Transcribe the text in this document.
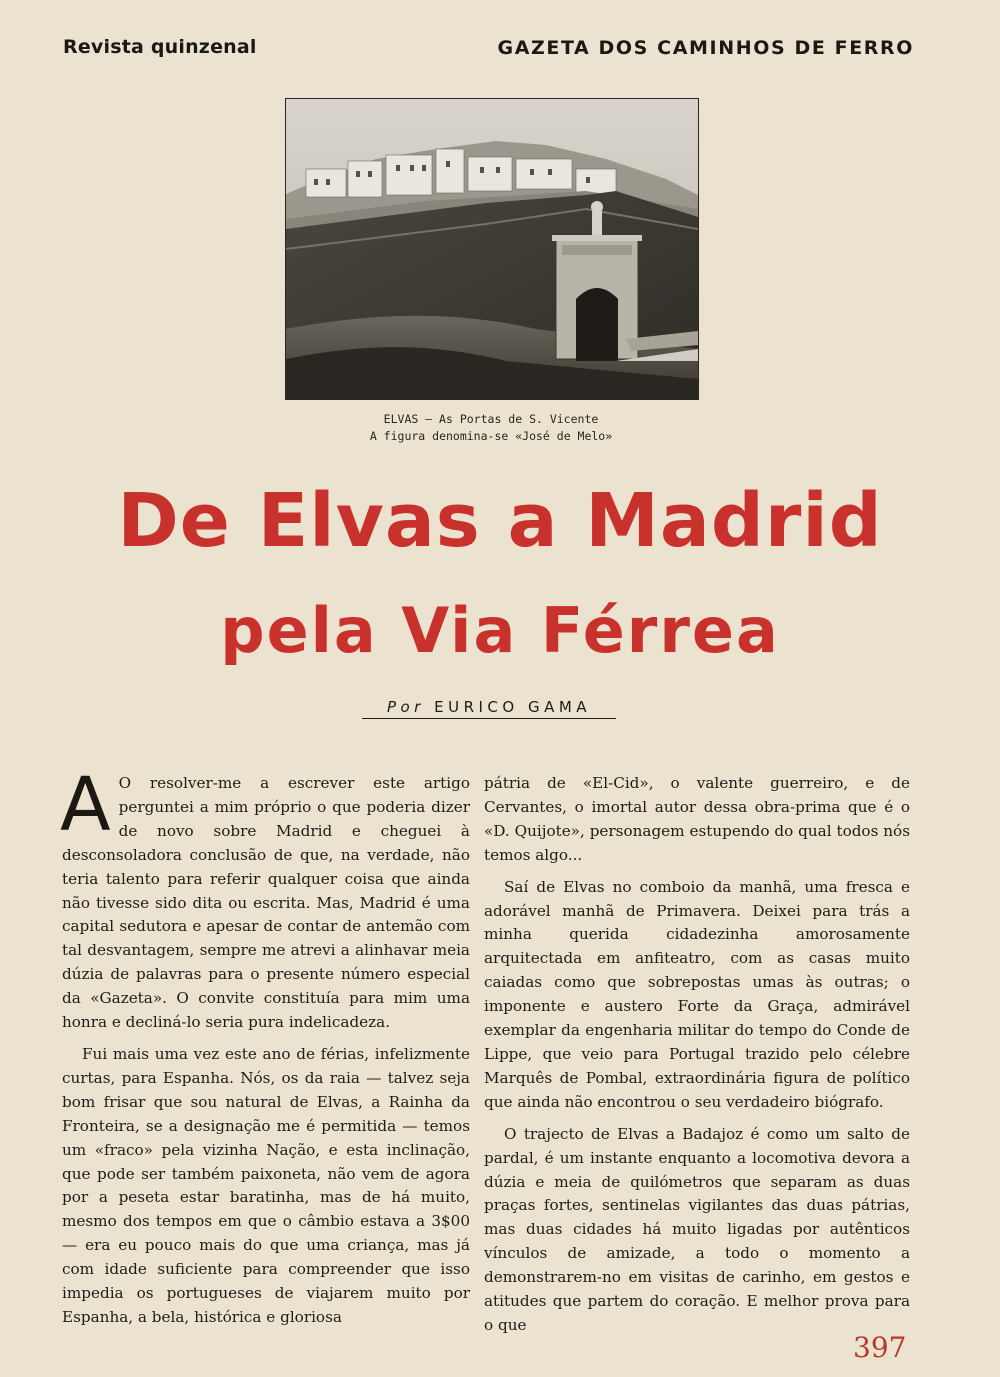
Revista quinzenal	GAZETA DOS CAMINHOS DE FERRO
ELVAS — As Portas de S. Vicente
A figura denomina-se «José de Melo»
De Elvas a Madrid
pela Via Férrea
Por EURICO GAMA

A O resolver-me a escrever este artigo perguntei a mim próprio o que poderia dizer de novo sobre Madrid e cheguei à desconsoladora conclusão de que, na verdade, não teria talento para referir qualquer coisa que ainda não tivesse sido dita ou escrita. Mas, Madrid é uma capital sedutora e apesar de contar de antemão com tal desvantagem, sempre me atrevi a alinhavar meia dúzia de palavras para o presente número especial da «Gazeta». O convite constituía para mim uma honra e decliná-lo seria pura indelicadeza.

Fui mais uma vez este ano de férias, infelizmente curtas, para Espanha. Nós, os da raia — talvez seja bom frisar que sou natural de Elvas, a Rainha da Fronteira, se a designação me é permitida — temos um «fraco» pela vizinha Nação, e esta inclinação, que pode ser também paixoneta, não vem de agora por a peseta estar baratinha, mas de há muito, mesmo dos tempos em que o câmbio estava a 3$00 — era eu pouco mais do que uma criança, mas já com idade suficiente para compreender que isso impedia os portugueses de viajarem muito por Espanha, a bela, histórica e gloriosa

pátria de «El-Cid», o valente guerreiro, e de Cervantes, o imortal autor dessa obra-prima que é o «D. Quijote», personagem estupendo do qual todos nós temos algo...

Saí de Elvas no comboio da manhã, uma fresca e adorável manhã de Primavera. Deixei para trás a minha querida cidadezinha amorosamente arquitectada em anfiteatro, com as casas muito caiadas como que sobrepostas umas às outras; o imponente e austero Forte da Graça, admirável exemplar da engenharia militar do tempo do Conde de Lippe, que veio para Portugal trazido pelo célebre Marquês de Pombal, extraordinária figura de político que ainda não encontrou o seu verdadeiro biógrafo.

O trajecto de Elvas a Badajoz é como um salto de pardal, é um instante enquanto a locomotiva devora a dúzia e meia de quilómetros que separam as duas praças fortes, sentinelas vigilantes das duas pátrias, mas duas cidades há muito ligadas por autênticos vínculos de amizade, a todo o momento a demonstrarem-no em visitas de carinho, em gestos e atitudes que partem do coração. E melhor prova para o que

397
